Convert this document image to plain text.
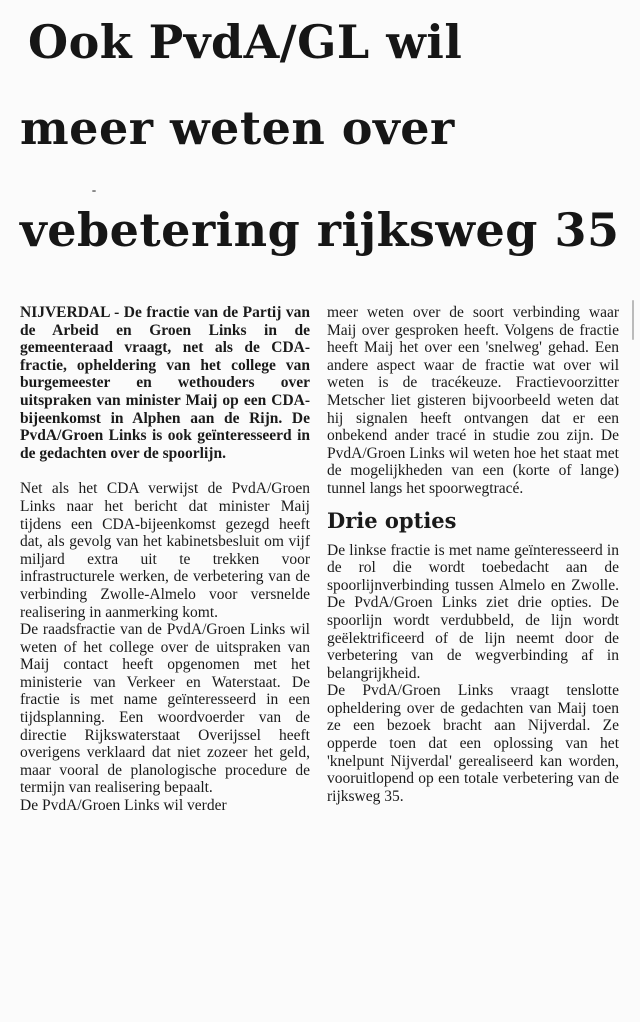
Ook PvdA/GL wil
meer weten over
vebetering rijksweg 35

NIJVERDAL - De fractie van de Partij van de Arbeid en Groen Links in de gemeenteraad vraagt, net als de CDA-fractie, opheldering van het college van burgemeester en wethouders over uitspraken van minister Maij op een CDA-bijeenkomst in Alphen aan de Rijn. De PvdA/Groen Links is ook geïnteresseerd in de gedachten over de spoorlijn.

Net als het CDA verwijst de PvdA/Groen Links naar het bericht dat minister Maij tijdens een CDA-bijeenkomst gezegd heeft dat, als gevolg van het kabinetsbesluit om vijf miljard extra uit te trekken voor infrastructurele werken, de verbetering van de verbinding Zwolle-Almelo voor versnelde realisering in aanmerking komt.

De raadsfractie van de PvdA/Groen Links wil weten of het college over de uitspraken van Maij contact heeft opgenomen met het ministerie van Verkeer en Waterstaat. De fractie is met name geïnteresseerd in een tijdsplanning. Een woordvoerder van de directie Rijkswaterstaat Overijssel heeft overigens verklaard dat niet zozeer het geld, maar vooral de planologische procedure de termijn van realisering bepaalt.

De PvdA/Groen Links wil verder

meer weten over de soort verbinding waar Maij over gesproken heeft. Volgens de fractie heeft Maij het over een 'snelweg' gehad. Een andere aspect waar de fractie wat over wil weten is de tracékeuze. Fractievoorzitter Metscher liet gisteren bijvoorbeeld weten dat hij signalen heeft ontvangen dat er een onbekend ander tracé in studie zou zijn. De PvdA/Groen Links wil weten hoe het staat met de mogelijkheden van een (korte of lange) tunnel langs het spoorwegtracé.

Drie opties

De linkse fractie is met name geïnteresseerd in de rol die wordt toebedacht aan de spoorlijnverbinding tussen Almelo en Zwolle. De PvdA/Groen Links ziet drie opties. De spoorlijn wordt verdubbeld, de lijn wordt geëlektrificeerd of de lijn neemt door de verbetering van de wegverbinding af in belangrijkheid.

De PvdA/Groen Links vraagt tenslotte opheldering over de gedachten van Maij toen ze een bezoek bracht aan Nijverdal. Ze opperde toen dat een oplossing van het 'knelpunt Nijverdal' gerealiseerd kan worden, vooruitlopend op een totale verbetering van de rijksweg 35.
